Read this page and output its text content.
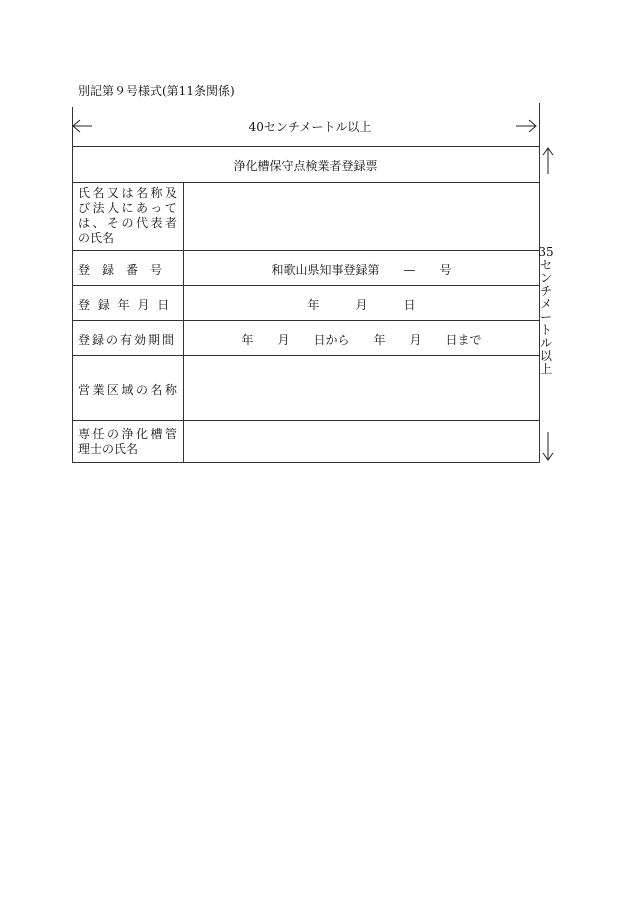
別記第９号様式(第11条関係)
40センチメートル以上
浄化槽保守点検業者登録票
氏名又は名称及
び法人にあって
は、その代表者
の氏名
登　録　番　号	和歌山県知事登録第　　—　　号
登 録 年 月 日	年　　　月　　　日
登録の有効期間	年　　月　　日から　　年　　月　　日まで
営業区域の名称
専任の浄化槽管
理士の氏名
35
セ
ン
チ
メ
ー
ト
ル
以
上
